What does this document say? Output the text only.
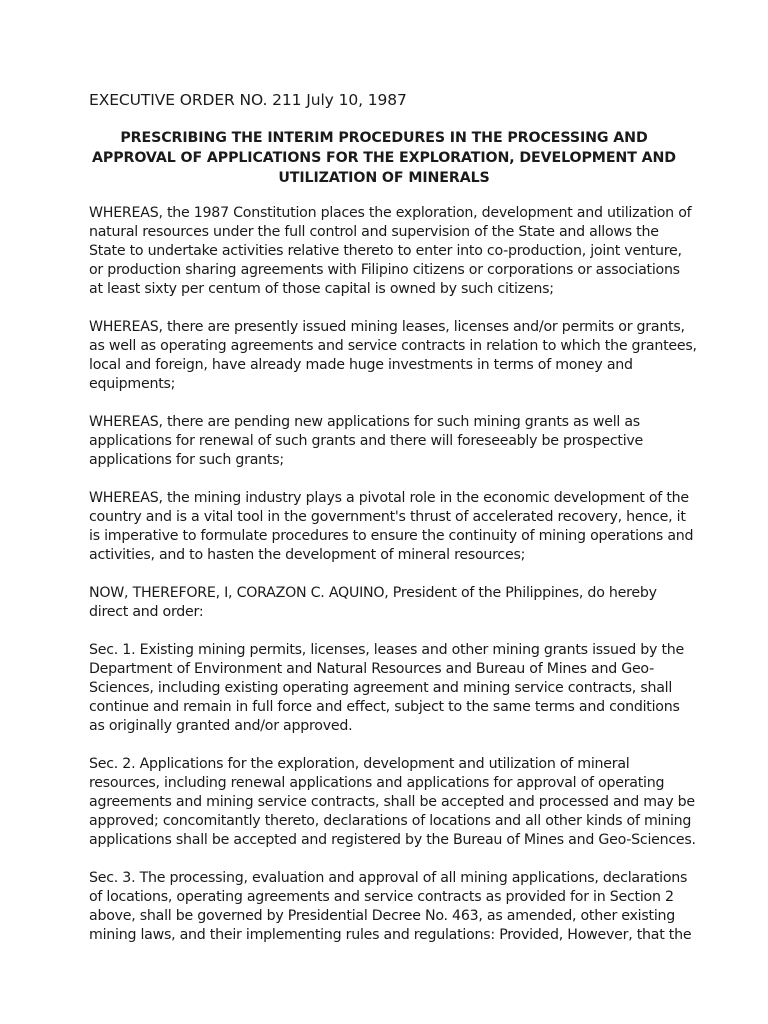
EXECUTIVE ORDER NO. 211 July 10, 1987
PRESCRIBING THE INTERIM PROCEDURES IN THE PROCESSING AND
APPROVAL OF APPLICATIONS FOR THE EXPLORATION, DEVELOPMENT AND
UTILIZATION OF MINERALS

WHEREAS, the 1987 Constitution places the exploration, development and utilization of
natural resources under the full control and supervision of the State and allows the
State to undertake activities relative thereto to enter into co-production, joint venture,
or production sharing agreements with Filipino citizens or corporations or associations
at least sixty per centum of those capital is owned by such citizens;

WHEREAS, there are presently issued mining leases, licenses and/or permits or grants,
as well as operating agreements and service contracts in relation to which the grantees,
local and foreign, have already made huge investments in terms of money and
equipments;

WHEREAS, there are pending new applications for such mining grants as well as
applications for renewal of such grants and there will foreseeably be prospective
applications for such grants;

WHEREAS, the mining industry plays a pivotal role in the economic development of the
country and is a vital tool in the government's thrust of accelerated recovery, hence, it
is imperative to formulate procedures to ensure the continuity of mining operations and
activities, and to hasten the development of mineral resources;

NOW, THEREFORE, I, CORAZON C. AQUINO, President of the Philippines, do hereby
direct and order:

Sec. 1. Existing mining permits, licenses, leases and other mining grants issued by the
Department of Environment and Natural Resources and Bureau of Mines and Geo-
Sciences, including existing operating agreement and mining service contracts, shall
continue and remain in full force and effect, subject to the same terms and conditions
as originally granted and/or approved.

Sec. 2. Applications for the exploration, development and utilization of mineral
resources, including renewal applications and applications for approval of operating
agreements and mining service contracts, shall be accepted and processed and may be
approved; concomitantly thereto, declarations of locations and all other kinds of mining
applications shall be accepted and registered by the Bureau of Mines and Geo-Sciences.

Sec. 3. The processing, evaluation and approval of all mining applications, declarations
of locations, operating agreements and service contracts as provided for in Section 2
above, shall be governed by Presidential Decree No. 463, as amended, other existing
mining laws, and their implementing rules and regulations: Provided, However, that the
